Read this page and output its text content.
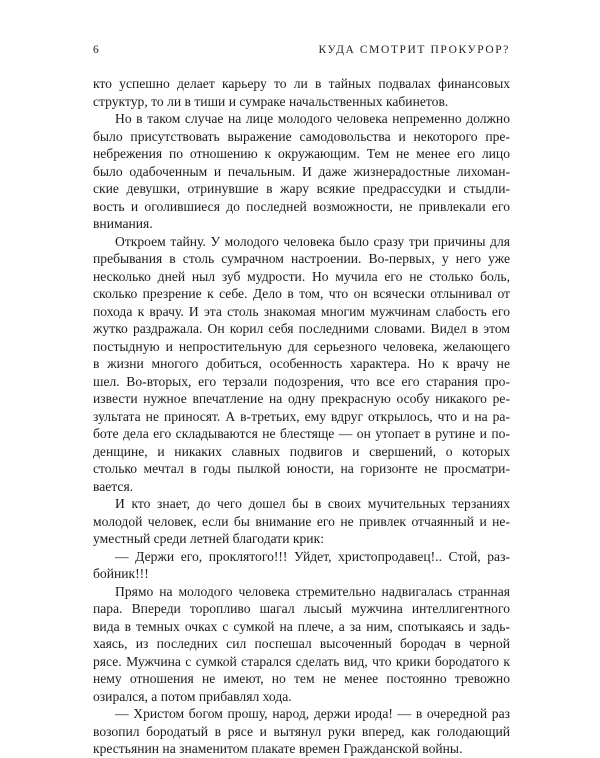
6	КУДА СМОТРИТ ПРОКУРОР?

кто успешно делает карьеру то ли в тайных подвалах финансовых

структур, то ли в тиши и сумраке начальственных кабинетов.

Но в таком случае на лице молодого человека непременно должно

было присутствовать выражение самодовольства и некоторого пре-

небрежения по отношению к окружающим. Тем не менее его лицо

было одабоченным и печальным. И даже жизнерадостные лихоман-

ские девушки, отринувшие в жару всякие предрассудки и стыдли-

вость и оголившиеся до последней возможности, не привлекали его

внимания.

Откроем тайну. У молодого человека было сразу три причины для

пребывания в столь сумрачном настроении. Во-первых, у него уже

несколько дней ныл зуб мудрости. Но мучила его не столько боль,

сколько презрение к себе. Дело в том, что он всячески отлынивал от

похода к врачу. И эта столь знакомая многим мужчинам слабость его

жутко раздражала. Он корил себя последними словами. Видел в этом

постыдную и непростительную для серьезного человека, желающего

в жизни многого добиться, особенность характера. Но к врачу не

шел. Во-вторых, его терзали подозрения, что все его старания про-

извести нужное впечатление на одну прекрасную особу никакого ре-

зультата не приносят. А в-третьих, ему вдруг открылось, что и на ра-

боте дела его складываются не блестяще — он утопает в рутине и по-

денщине, и никаких славных подвигов и свершений, о которых

столько мечтал в годы пылкой юности, на горизонте не просматри-

вается.

И кто знает, до чего дошел бы в своих мучительных терзаниях

молодой человек, если бы внимание его не привлек отчаянный и не-

уместный среди летней благодати крик:

— Держи его, проклятого!!! Уйдет, христопродавец!.. Стой, раз-

бойник!!!

Прямо на молодого человека стремительно надвигалась странная

пара. Впереди торопливо шагал лысый мужчина интеллигентного

вида в темных очках с сумкой на плече, а за ним, спотыкаясь и задь-

хаясь, из последних сил поспешал высоченный бородач в черной

рясе. Мужчина с сумкой старался сделать вид, что крики бородатого к

нему отношения не имеют, но тем не менее постоянно тревожно

озирался, а потом прибавлял хода.

— Христом богом прошу, народ, держи ирода! — в очередной раз

возопил бородатый в рясе и вытянул руки вперед, как голодающий

крестьянин на знаменитом плакате времен Гражданской войны.
